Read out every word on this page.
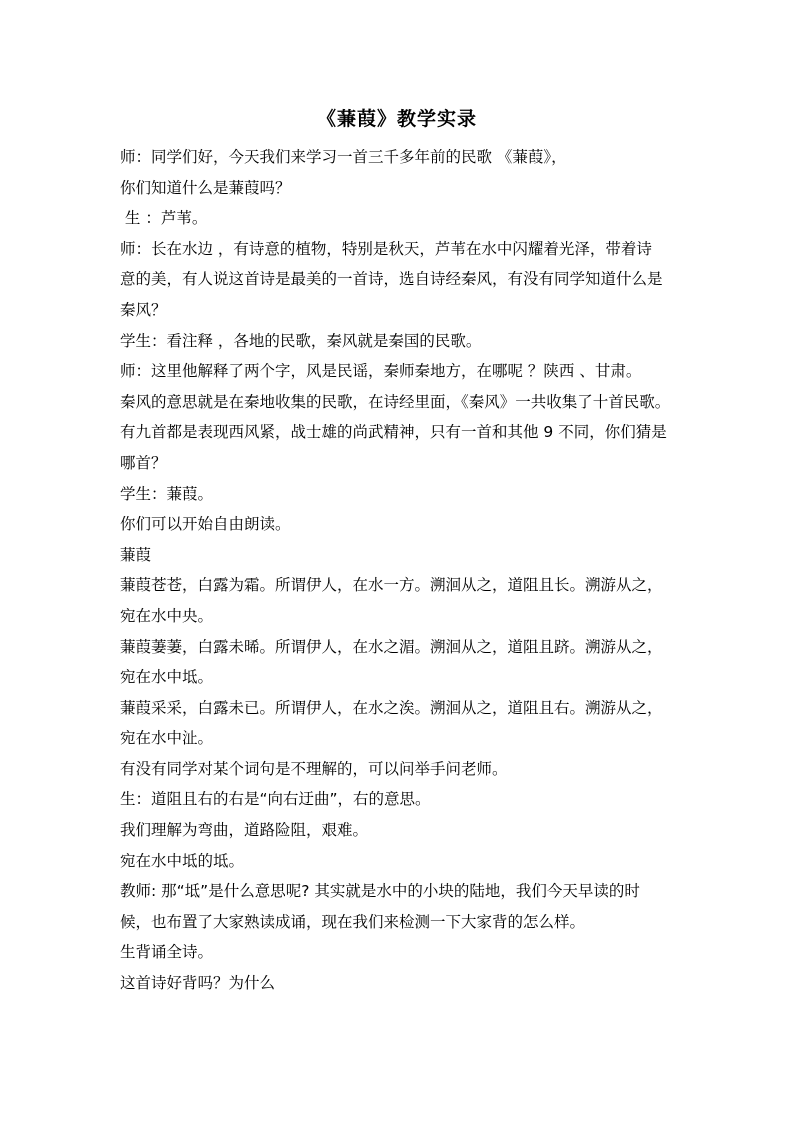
《蒹葭》教学实录
师：同学们好，今天我们来学习一首三千多年前的民歌 《蒹葭》，
你们知道什么是蒹葭吗？
生 ：芦苇。
师：长在水边 ，有诗意的植物，特别是秋天，芦苇在水中闪耀着光泽，带着诗
意的美，有人说这首诗是最美的一首诗，选自诗经秦风，有没有同学知道什么是
秦风？
学生：看注释 ，各地的民歌，秦风就是秦国的民歌。
师：这里他解释了两个字，风是民谣，秦师秦地方，在哪呢 ？陕西 、甘肃。
秦风的意思就是在秦地收集的民歌，在诗经里面，《秦风》一共收集了十首民歌。
有九首都是表现西风紧，战士雄的尚武精神，只有一首和其他 9 不同，你们猜是
哪首？
学生：蒹葭。
你们可以开始自由朗读。
蒹葭
蒹葭苍苍，白露为霜。所谓伊人，在水一方。溯洄从之，道阻且长。溯游从之，
宛在水中央。
蒹葭萋萋，白露未晞。所谓伊人，在水之湄。溯洄从之，道阻且跻。溯游从之，
宛在水中坻。
蒹葭采采，白露未已。所谓伊人，在水之涘。溯洄从之，道阻且右。溯游从之，
宛在水中沚。
有没有同学对某个词句是不理解的，可以问举手问老师。
生：道阻且右的右是“向右迂曲”，右的意思。
我们理解为弯曲，道路险阻，艰难。
宛在水中坻的坻。
教师: 那“坻”是什么意思呢? 其实就是水中的小块的陆地，我们今天早读的时
候，也布置了大家熟读成诵，现在我们来检测一下大家背的怎么样。
生背诵全诗。
这首诗好背吗？为什么
